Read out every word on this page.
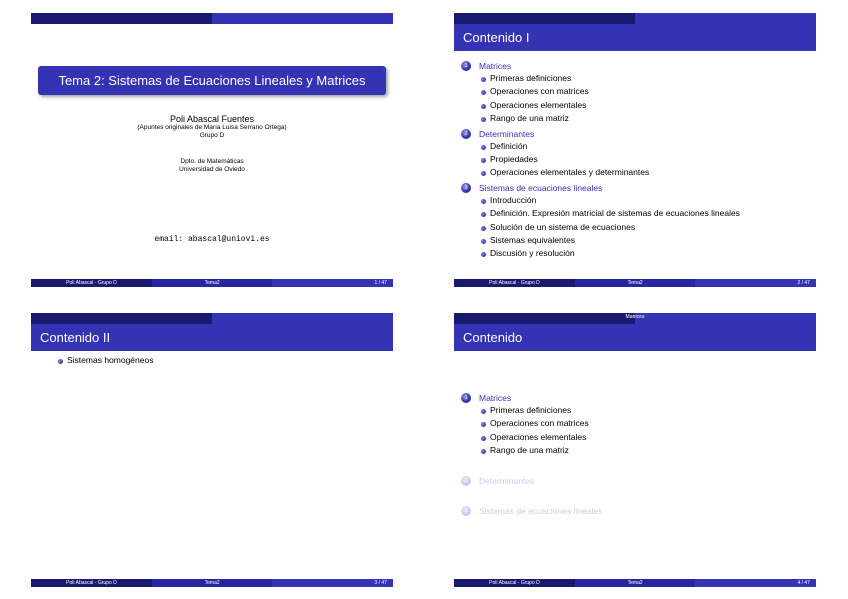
Tema 2: Sistemas de Ecuaciones Lineales y Matrices
Poli Abascal Fuentes
(Apuntes originales de María Luisa Serrano Ortega)
Grupo D
Dpto. de Matemáticas
Universidad de Oviedo
email: abascal@uniovi.es
Poli Abascal - Grupo D	Tema2	1 / 47
Contenido I
1	Matrices
Primeras definiciones
Operaciones con matrices
Operaciones elementales
Rango de una matriz
2	Determinantes
Definición
Propiedades
Operaciones elementales y determinantes
3	Sistemas de ecuaciones lineales
Introducción
Definición. Expresión matricial de sistemas de ecuaciones lineales
Solución de un sistema de ecuaciones
Sistemas equivalentes
Discusión y resolución
Poli Abascal - Grupo D	Tema2	2 / 47
Contenido II
Sistemas homogéneos
Poli Abascal - Grupo D	Tema2	3 / 47
Matrices
Contenido
1	Matrices
Primeras definiciones
Operaciones con matrices
Operaciones elementales
Rango de una matriz
2	Determinantes
3	Sistemas de ecuaciones lineales
Poli Abascal - Grupo D	Tema2	4 / 47
